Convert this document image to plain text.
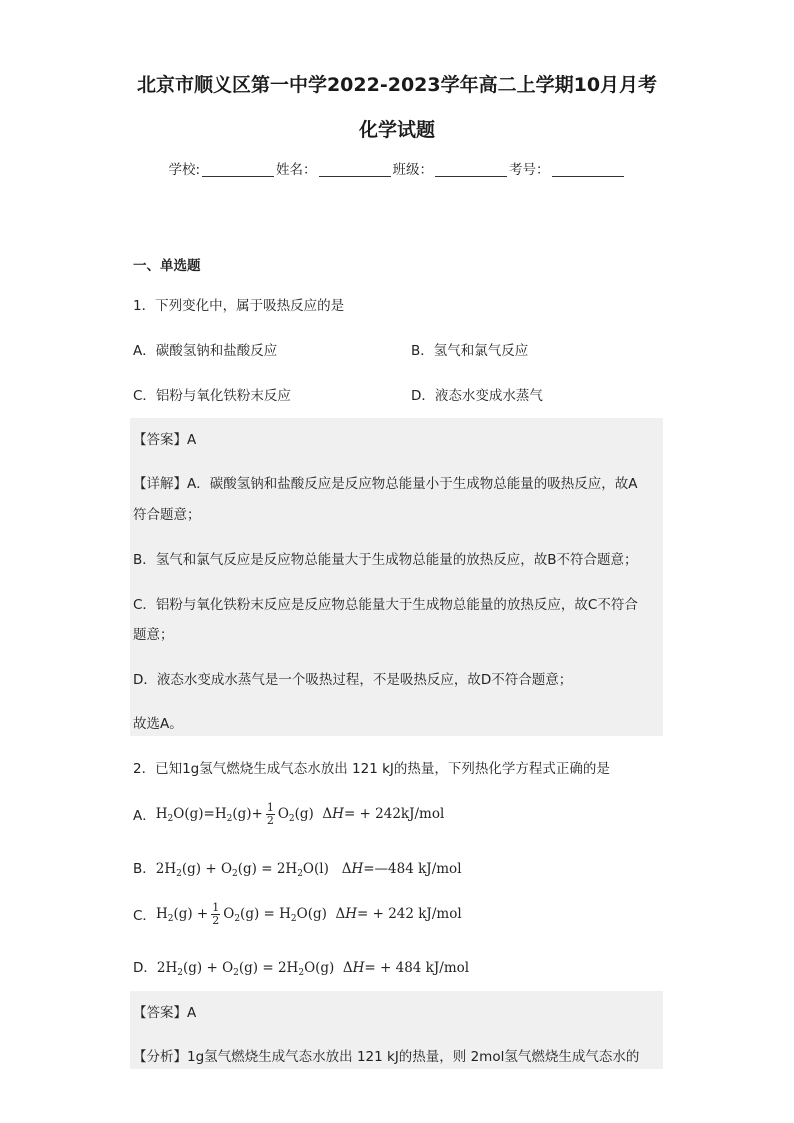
北京市顺义区第一中学2022-2023学年高二上学期10月月考
化学试题
学校:	姓名：	班级：	考号：
一、单选题
1．下列变化中，属于吸热反应的是
A．碳酸氢钠和盐酸反应	B．氢气和氯气反应
C．铝粉与氧化铁粉末反应	D．液态水变成水蒸气
【答案】A
【详解】A．碳酸氢钠和盐酸反应是反应物总能量小于生成物总能量的吸热反应，故A
符合题意；
B．氢气和氯气反应是反应物总能量大于生成物总能量的放热反应，故B不符合题意；
C．铝粉与氧化铁粉末反应是反应物总能量大于生成物总能量的放热反应，故C不符合
题意；
D．液态水变成水蒸气是一个吸热过程，不是吸热反应，故D不符合题意；
故选A。
2．已知1g氢气燃烧生成气态水放出 121 kJ的热量，下列热化学方程式正确的是
A． $H_2O(g)=H_2(g)+ \frac{1}{2} O_2(g) \Delta H$ = + 242kJ/mol
B．$2H_2(g) + O_2(g) = 2H_2O(l)$   ΔH=—484 kJ/mol
C． $H_2(g) + \frac{1}{2} O_2(g) = H_2O(g) \Delta H$ = + 242 kJ/mol
D．$2H_2(g) + O_2(g) = 2H_2O(g) \Delta H= + 484$ kJ/mol
【答案】A
【分析】1g氢气燃烧生成气态水放出 121 kJ的热量，则 2mol氢气燃烧生成气态水的
